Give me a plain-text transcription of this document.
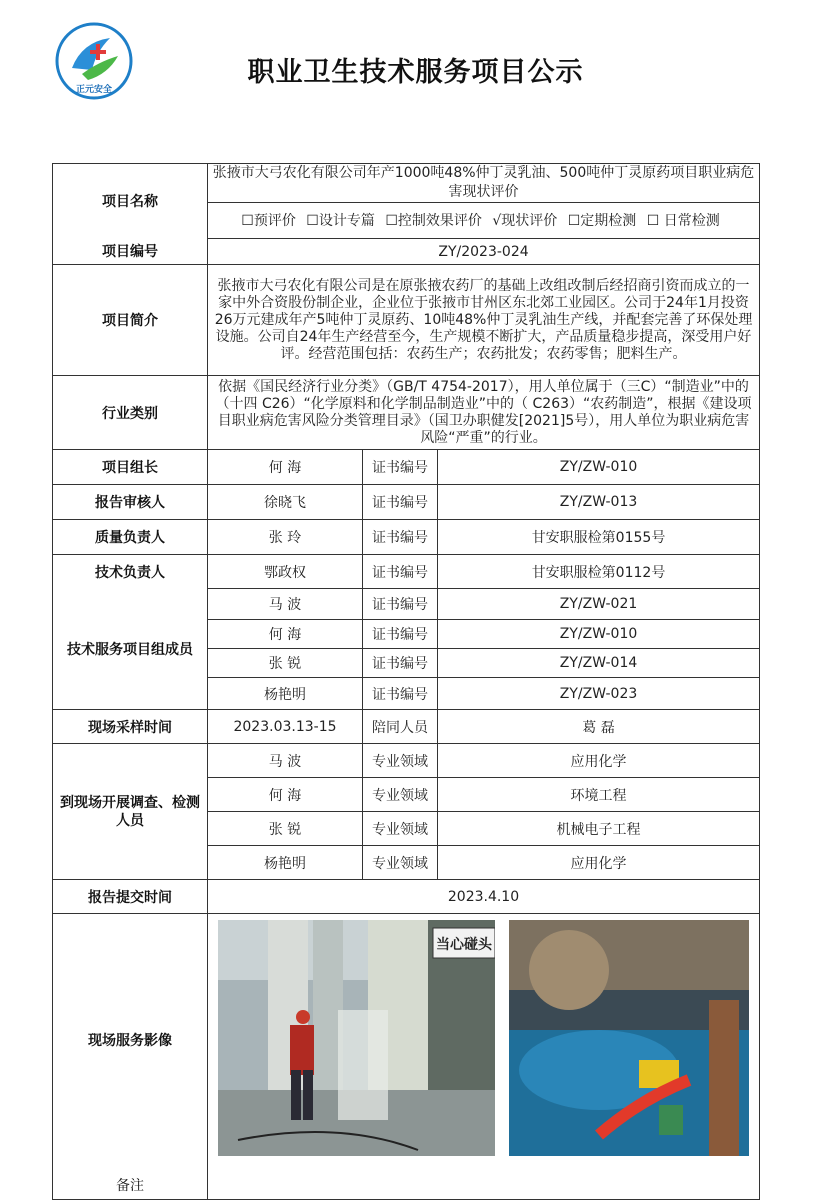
正元安全
职业卫生技术服务项目公示
项目名称	张掖市大弓农化有限公司年产1000吨48%仲丁灵乳油、500吨仲丁灵原药项目职业病危害现状评价		
	☐预评价 ☐设计专篇 ☐控制效果评价 √现状评价 ☐定期检测 ☐ 日常检测		
项目编号	ZY/2023-024		
项目简介	张掖市大弓农化有限公司是在原张掖农药厂的基础上改组改制后经招商引资而成立的一家中外合资股份制企业，企业位于张掖市甘州区东北郊工业园区。公司于24年1月投资26万元建成年产5吨仲丁灵原药、10吨48%仲丁灵乳油生产线，并配套完善了环保处理设施。公司自24年生产经营至今，生产规模不断扩大，产品质量稳步提高，深受用户好评。经营范围包括：农药生产；农药批发；农药零售；肥料生产。		
行业类别	依据《国民经济行业分类》（GB/T 4754-2017），用人单位属于（三C）“制造业”中的（十四 C26）“化学原料和化学制品制造业”中的（ C263）“农药制造”，根据《建设项目职业病危害风险分类管理目录》（国卫办职健发[2021]5号），用人单位为职业病危害风险“严重”的行业。		
项目组长	何 海	证书编号	ZY/ZW-010
报告审核人	徐晓飞	证书编号	ZY/ZW-013
质量负责人	张 玲	证书编号	甘安职服检第0155号
技术负责人	鄂政权	证书编号	甘安职服检第0112号
技术服务项目组成员	马 波	证书编号	ZY/ZW-021
	何 海	证书编号	ZY/ZW-010
	张 锐	证书编号	ZY/ZW-014
	杨艳明	证书编号	ZY/ZW-023
现场采样时间	2023.03.13-15	陪同人员	葛 磊
到现场开展调查、检测人员	马 波	专业领域	应用化学
	何 海	专业领域	环境工程
	张 锐	专业领域	机械电子工程
	杨艳明	专业领域	应用化学
报告提交时间	2023.4.10		
现场服务影像	当心碰头		

备注			
